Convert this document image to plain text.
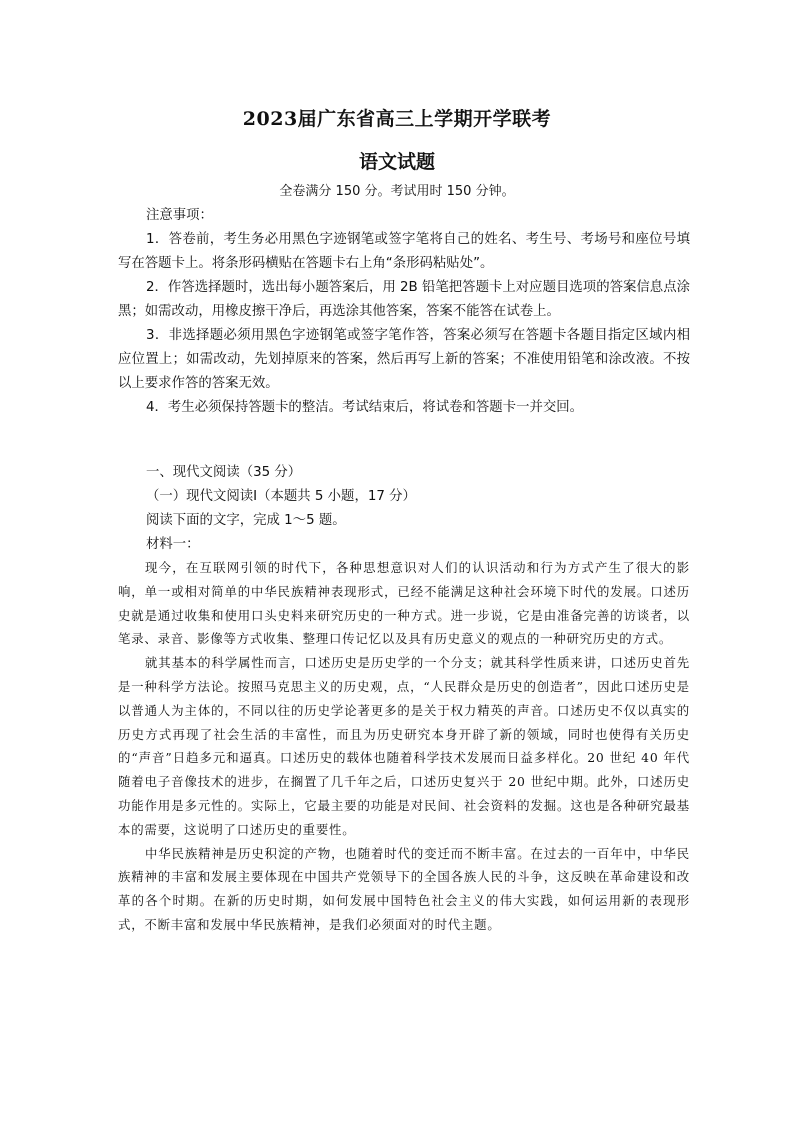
2023届广东省高三上学期开学联考
语文试题
全卷满分 150 分。考试用时 150 分钟。
注意事项：

1．答卷前，考生务必用黑色字迹钢笔或签字笔将自己的姓名、考生号、考场号和座位号填写在答题卡上。将条形码横贴在答题卡右上角“条形码粘贴处”。

2．作答选择题时，选出每小题答案后，用 2B 铅笔把答题卡上对应题目选项的答案信息点涂黑；如需改动，用橡皮擦干净后，再选涂其他答案，答案不能答在试卷上。

3．非选择题必须用黑色字迹钢笔或签字笔作答，答案必须写在答题卡各题目指定区域内相应位置上；如需改动，先划掉原来的答案，然后再写上新的答案；不准使用铅笔和涂改液。不按以上要求作答的答案无效。

4．考生必须保持答题卡的整洁。考试结束后，将试卷和答题卡一并交回。

一、现代文阅读（35 分）
（一）现代文阅读Ⅰ（本题共 5 小题，17 分）
阅读下面的文字，完成 1～5 题。
材料一：

现今，在互联网引领的时代下，各种思想意识对人们的认识活动和行为方式产生了很大的影响，单一或相对简单的中华民族精神表现形式，已经不能满足这种社会环境下时代的发展。口述历史就是通过收集和使用口头史料来研究历史的一种方式。进一步说，它是由准备完善的访谈者，以笔录、录音、影像等方式收集、整理口传记忆以及具有历史意义的观点的一种研究历史的方式。

就其基本的科学属性而言，口述历史是历史学的一个分支；就其科学性质来讲，口述历史首先是一种科学方法论。按照马克思主义的历史观，点，“人民群众是历史的创造者”，因此口述历史是以普通人为主体的，不同以往的历史学论著更多的是关于权力精英的声音。口述历史不仅以真实的历史方式再现了社会生活的丰富性，而且为历史研究本身开辟了新的领域，同时也使得有关历史的“声音”日趋多元和逼真。口述历史的载体也随着科学技术发展而日益多样化。20 世纪 40 年代随着电子音像技术的进步，在搁置了几千年之后，口述历史复兴于 20 世纪中期。此外，口述历史功能作用是多元性的。实际上，它最主要的功能是对民间、社会资料的发掘。这也是各种研究最基本的需要，这说明了口述历史的重要性。

中华民族精神是历史积淀的产物，也随着时代的变迁而不断丰富。在过去的一百年中，中华民族精神的丰富和发展主要体现在中国共产党领导下的全国各族人民的斗争，这反映在革命建设和改革的各个时期。在新的历史时期，如何发展中国特色社会主义的伟大实践，如何运用新的表现形式，不断丰富和发展中华民族精神，是我们必须面对的时代主题。
